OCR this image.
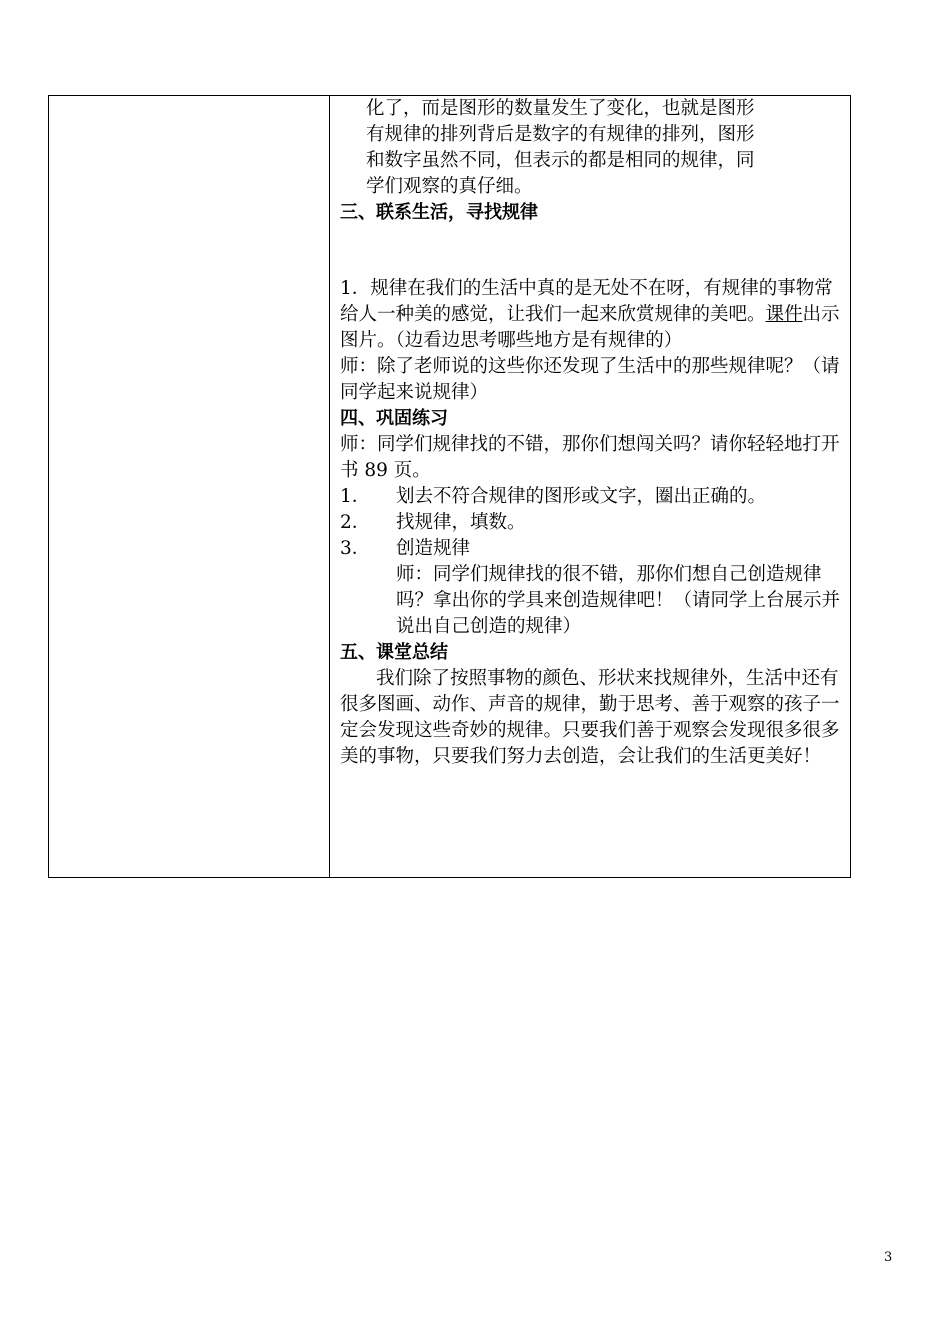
化了，而是图形的数量发生了变化，也就是图形

有规律的排列背后是数字的有规律的排列，图形

和数字虽然不同，但表示的都是相同的规律，同

学们观察的真仔细。

三、联系生活，寻找规律

1．规律在我们的生活中真的是无处不在呀，有规律的事物常给人一种美的感觉，让我们一起来欣赏规律的美吧。课件出示图片。（边看边思考哪些地方是有规律的）

师：除了老师说的这些你还发现了生活中的那些规律呢？（请同学起来说规律）

四、巩固练习

师：同学们规律找的不错，那你们想闯关吗？请你轻轻地打开书 89 页。

1．	划去不符合规律的图形或文字，圈出正确的。
2．	找规律，填数。
3．	创造规律

师：同学们规律找的很不错，那你们想自己创造规律吗？拿出你的学具来创造规律吧！（请同学上台展示并说出自己创造的规律）

五、课堂总结

我们除了按照事物的颜色、形状来找规律外，生活中还有很多图画、动作、声音的规律，勤于思考、善于观察的孩子一定会发现这些奇妙的规律。只要我们善于观察会发现很多很多美的事物，只要我们努力去创造，会让我们的生活更美好！

3
